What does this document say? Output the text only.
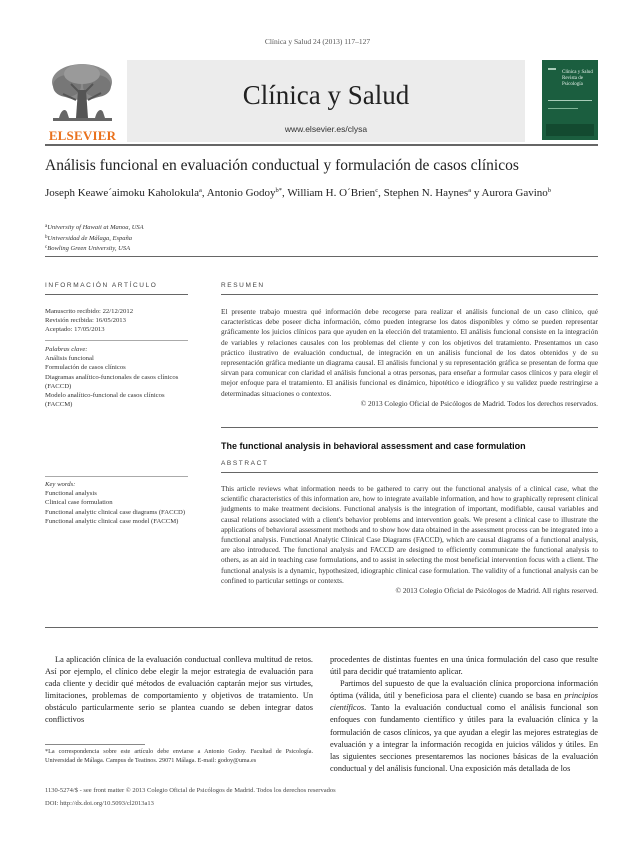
Clínica y Salud 24 (2013) 117–127
ELSEVIER
Clínica y Salud
www.elsevier.es/clysa
Clínica y Salud
Revista de Psicología
Análisis funcional en evaluación conductual y formulación de casos clínicos
Joseph Keawe´aimoku Kaholokula$^a$, Antonio Godoy$^{b*}$, William H. O´Brien$^c$, Stephen N. Haynes$^a$ y Aurora Gavino$^b$
$^a$University of Hawaii at Manoa, USA
$^b$Universidad de Málaga, España
$^c$Bowling Green University, USA
INFORMACIÓN ARTÍCULO
Manuscrito recibido: 22/12/2012
Revisión recibida: 16/05/2013
Aceptado: 17/05/2013
Palabras clave:
Análisis funcional
Formulación de casos clínicos
Diagramas analítico-funcionales de casos clínicos (FACCD)
Modelo analítico-funcional de casos clínicos (FACCM)
Key words:
Functional analysis
Clinical case formulation
Functional analytic clinical case diagrams (FACCD)
Functional analytic clinical case model (FACCM)
RESUMEN

El presente trabajo muestra qué información debe recogerse para realizar el análisis funcional de un caso clínico, qué características debe poseer dicha información, cómo pueden integrarse los datos disponibles y cómo se pueden representar gráficamente los juicios clínicos para que ayuden en la elección del tratamiento. El análisis funcional consiste en la integración de variables y relaciones causales con los problemas del cliente y con los objetivos del tratamiento. Presentamos un caso práctico ilustrativo de evaluación conductual, de integración en un análisis funcional de los datos obtenidos y de su representación gráfica mediante un diagrama causal. El análisis funcional y su representación gráfica se presentan de forma que sirvan para comunicar con claridad el análisis funcional a otras personas, para enseñar a formular casos clínicos y para elegir el mejor enfoque para el tratamiento. El análisis funcional es dinámico, hipotético e idiográfico y su validez puede restringirse a determinadas situaciones o contextos.

© 2013 Colegio Oficial de Psicólogos de Madrid. Todos los derechos reservados.

The functional analysis in behavioral assessment and case formulation
ABSTRACT

This article reviews what information needs to be gathered to carry out the functional analysis of a clinical case, what the scientific characteristics of this information are, how to integrate available information, and how to graphically represent clinical judgments to make treatment decisions. Functional analysis is the integration of important, modifiable, causal variables and causal relations associated with a client's behavior problems and intervention goals. We present a clinical case to illustrate the applications of behavioral assessment methods and to show how data obtained in the assessment process can be integrated into a functional analysis. Functional Analytic Clinical Case Diagrams (FACCD), which are causal diagrams of a functional analysis, are also introduced. The functional analysis and FACCD are designed to efficiently communicate the functional analysis to others, as an aid in teaching case formulations, and to assist in selecting the most beneficial intervention focus with a client. The functional analysis is a dynamic, hypothesized, idiographic clinical case formulation. The validity of a functional analysis can be confined to particular settings or contexts.

© 2013 Colegio Oficial de Psicólogos de Madrid. All rights reserved.

La aplicación clínica de la evaluación conductual conlleva multitud de retos. Así por ejemplo, el clínico debe elegir la mejor estrategia de evaluación para cada cliente y decidir qué métodos de evaluación captarán mejor sus virtudes, limitaciones, problemas de comportamiento y objetivos de tratamiento. Un obstáculo particularmente serio se plantea cuando se deben integrar datos conflictivos

procedentes de distintas fuentes en una única formulación del caso que resulte útil para decidir qué tratamiento aplicar.

Partimos del supuesto de que la evaluación clínica proporciona información óptima (válida, útil y beneficiosa para el cliente) cuando se basa en principios científicos. Tanto la evaluación conductual como el análisis funcional son enfoques con fundamento científico y útiles para la evaluación clínica y la formulación de casos clínicos, ya que ayudan a elegir las mejores estrategias de evaluación y a integrar la información recogida en juicios válidos y útiles. En las siguientes secciones presentaremos las nociones básicas de la evaluación conductual y del análisis funcional. Una exposición más detallada de los

*La correspondencia sobre este artículo debe enviarse a Antonio Godoy. Facultad de Psicología. Universidad de Málaga. Campus de Teatinos. 29071 Málaga. E-mail: godoy@uma.es
1130-5274/$ - see front matter © 2013 Colegio Oficial de Psicólogos de Madrid. Todos los derechos reservados
DOI: http://dx.doi.org/10.5093/cl2013a13
